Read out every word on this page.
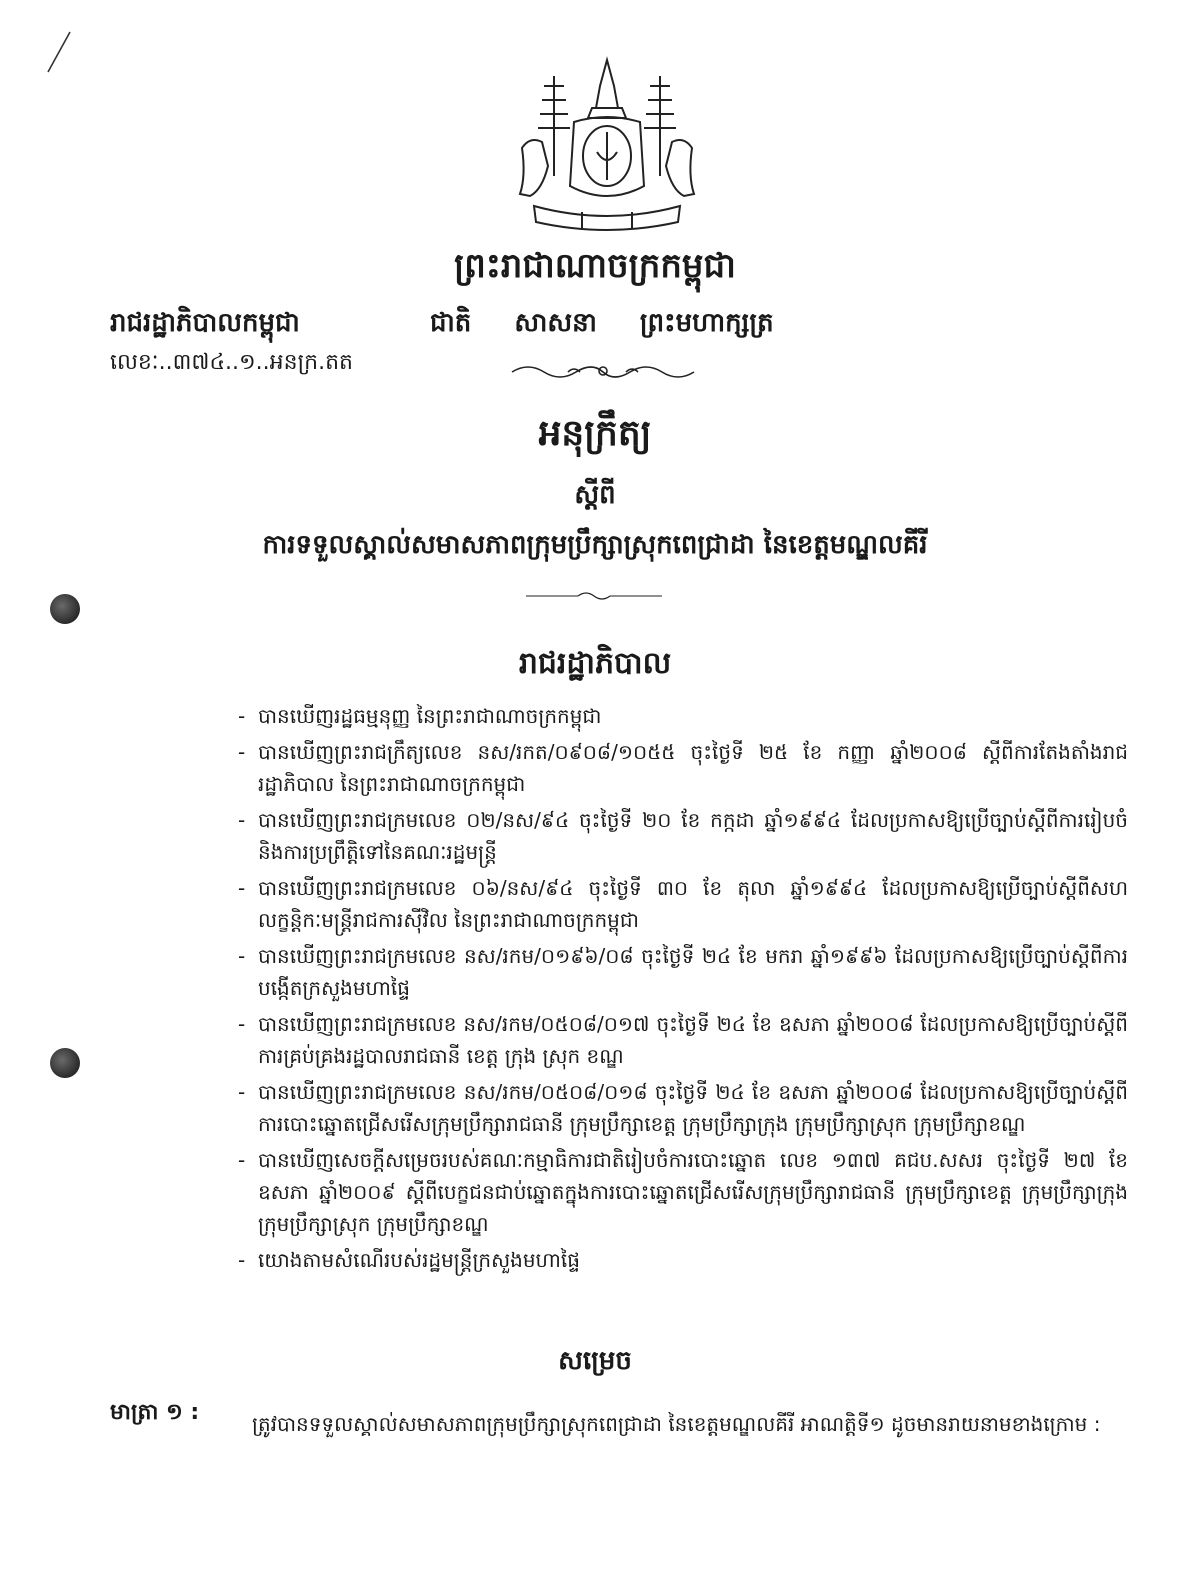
ព្រះរាជាណាចក្រកម្ពុជា
រាជរដ្ឋាភិបាលកម្ពុជា	ជាតិ សាសនា ព្រះមហាក្សត្រ
លេខៈ..៣៧៤..១..អនក្រ.តត
អនុក្រឹត្យ
ស្តីពី
ការទទួលស្គាល់សមាសភាពក្រុមប្រឹក្សាស្រុកពេជ្រាដា នៃខេត្តមណ្ឌលគីរី
រាជរដ្ឋាភិបាល
- បានឃើញរដ្ឋធម្មនុញ្ញ នៃព្រះរាជាណាចក្រកម្ពុជា
- បានឃើញព្រះរាជក្រឹត្យលេខ នស/រកត/០៩០៨/១០៥៥ ចុះថ្ងៃទី ២៥ ខែ កញ្ញា ឆ្នាំ២០០៨ ស្តីពីការតែងតាំងរាជរដ្ឋាភិបាល នៃព្រះរាជាណាចក្រកម្ពុជា
- បានឃើញព្រះរាជក្រមលេខ ០២/នស/៩៤ ចុះថ្ងៃទី ២០ ខែ កក្កដា ឆ្នាំ១៩៩៤ ដែលប្រកាសឱ្យប្រើច្បាប់ស្តីពីការរៀបចំ និងការប្រព្រឹត្តិទៅនៃគណៈរដ្ឋមន្ត្រី
- បានឃើញព្រះរាជក្រមលេខ ០៦/នស/៩៤ ចុះថ្ងៃទី ៣០ ខែ តុលា ឆ្នាំ១៩៩៤ ដែលប្រកាសឱ្យប្រើច្បាប់ស្តីពីសហលក្ខន្តិកៈមន្ត្រីរាជការស៊ីវិល នៃព្រះរាជាណាចក្រកម្ពុជា
- បានឃើញព្រះរាជក្រមលេខ នស/រកម/០១៩៦/០៨ ចុះថ្ងៃទី ២៤ ខែ មករា ឆ្នាំ១៩៩៦ ដែលប្រកាសឱ្យប្រើច្បាប់ស្តីពីការបង្កើតក្រសួងមហាផ្ទៃ
- បានឃើញព្រះរាជក្រមលេខ នស/រកម/០៥០៨/០១៧ ចុះថ្ងៃទី ២៤ ខែ ឧសភា ឆ្នាំ២០០៨ ដែលប្រកាសឱ្យប្រើច្បាប់ស្តីពីការគ្រប់គ្រងរដ្ឋបាលរាជធានី ខេត្ត ក្រុង ស្រុក ខណ្ឌ
- បានឃើញព្រះរាជក្រមលេខ នស/រកម/០៥០៨/០១៨ ចុះថ្ងៃទី ២៤ ខែ ឧសភា ឆ្នាំ២០០៨ ដែលប្រកាសឱ្យប្រើច្បាប់ស្តីពីការបោះឆ្នោតជ្រើសរើសក្រុមប្រឹក្សារាជធានី ក្រុមប្រឹក្សាខេត្ត ក្រុមប្រឹក្សាក្រុង ក្រុមប្រឹក្សាស្រុក ក្រុមប្រឹក្សាខណ្ឌ
- បានឃើញសេចក្តីសម្រេចរបស់គណៈកម្មាធិការជាតិរៀបចំការបោះឆ្នោត លេខ ១៣៧ គជប.សសរ ចុះថ្ងៃទី ២៧ ខែ ឧសភា ឆ្នាំ២០០៩ ស្តីពីបេក្ខជនជាប់ឆ្នោតក្នុងការបោះឆ្នោតជ្រើសរើសក្រុមប្រឹក្សារាជធានី ក្រុមប្រឹក្សាខេត្ត ក្រុមប្រឹក្សាក្រុង ក្រុមប្រឹក្សាស្រុក ក្រុមប្រឹក្សាខណ្ឌ
- យោងតាមសំណើរបស់រដ្ឋមន្ត្រីក្រសួងមហាផ្ទៃ
សម្រេច
មាត្រា ១ :	ត្រូវបានទទួលស្គាល់សមាសភាពក្រុមប្រឹក្សាស្រុកពេជ្រាដា នៃខេត្តមណ្ឌលគីរី អាណត្តិទី១ ដូចមានរាយនាមខាងក្រោម :
